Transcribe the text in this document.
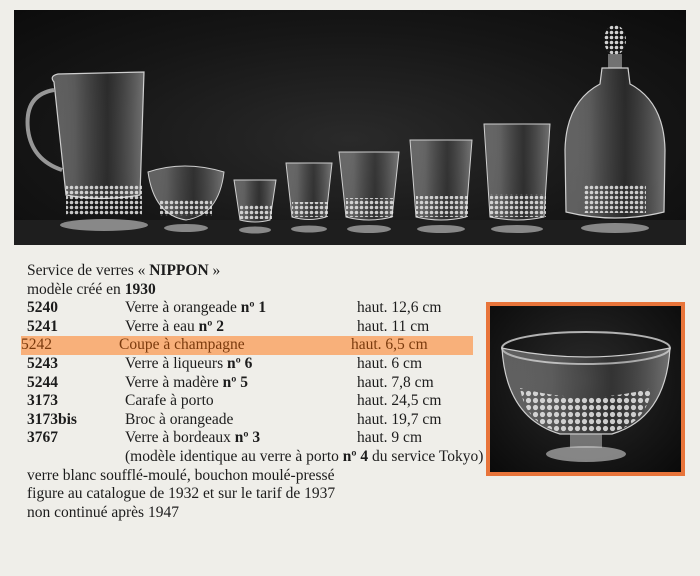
Service de verres « NIPPON »
modèle créé en 1930
5240	Verre à orangeade nº 1	haut. 12,6 cm
5241	Verre à eau nº 2	haut. 11 cm
5242	Coupe à champagne	haut. 6,5 cm
5243	Verre à liqueurs nº 6	haut. 6 cm
5244	Verre à madère nº 5	haut. 7,8 cm
3173	Carafe à porto	haut. 24,5 cm
3173bis	Broc à orangeade	haut. 19,7 cm
3767	Verre à bordeaux nº 3	haut. 9 cm
(modèle identique au verre à porto nº 4 du service Tokyo)
verre blanc soufflé-moulé, bouchon moulé-pressé
figure au catalogue de 1932 et sur le tarif de 1937
non continué après 1947
